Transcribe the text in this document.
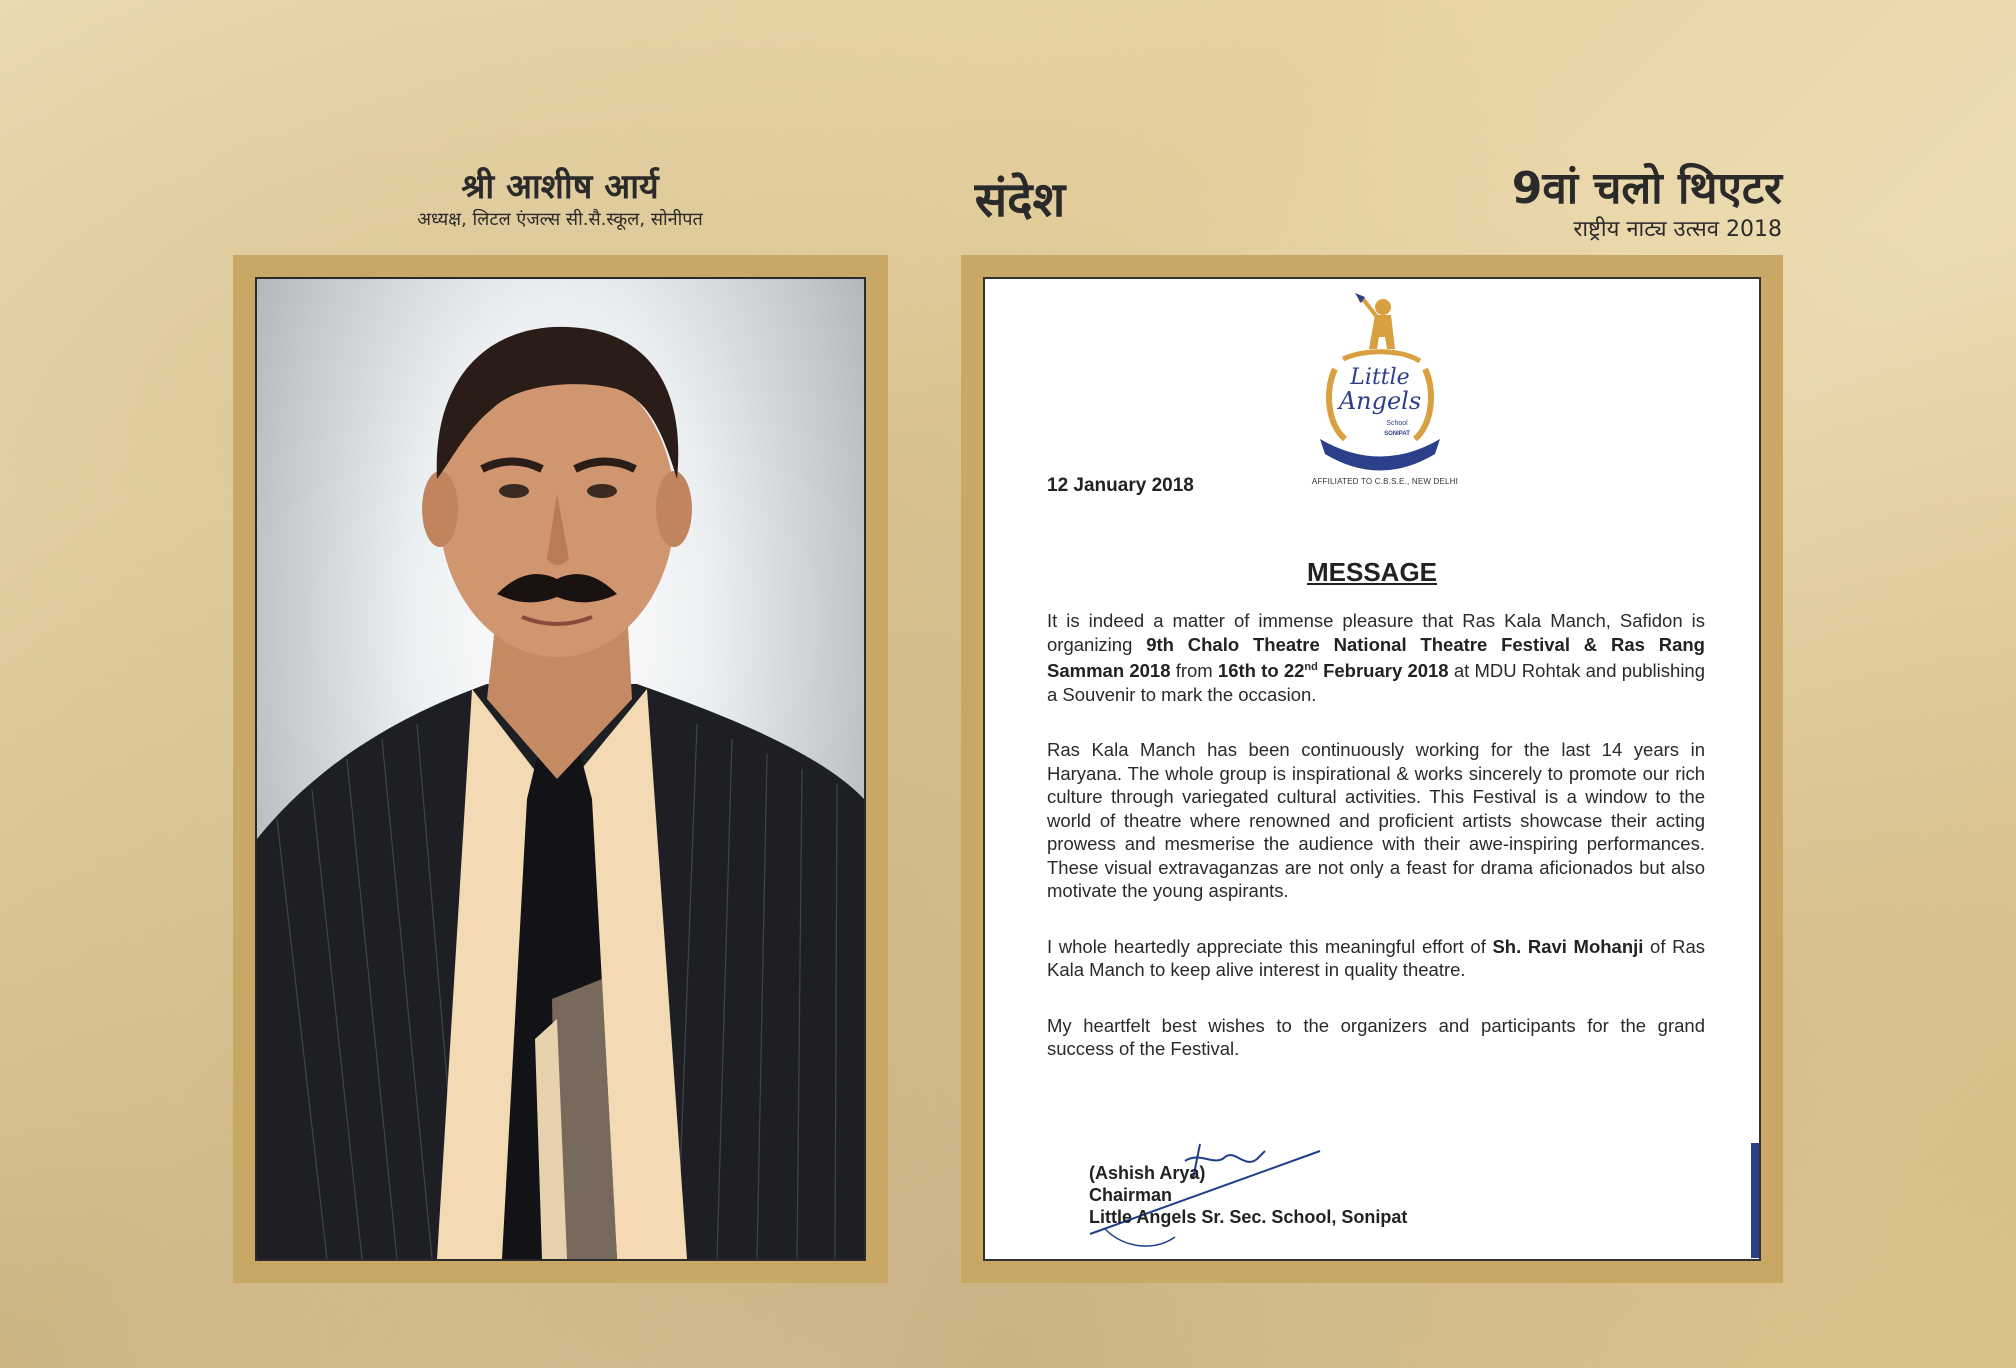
श्री आशीष आर्य
अध्यक्ष, लिटल एंजल्स सी.सै.स्कूल, सोनीपत	संदेश	9वां चलो थिएटर
राष्ट्रीय नाट्य उत्सव 2018
Little
Angels
School
SONIPAT
AFFILIATED TO C.B.S.E., NEW DELHI
12 January 2018
MESSAGE

It is indeed a matter of immense pleasure that Ras Kala Manch, Safidon is organizing 9th Chalo Theatre National Theatre Festival & Ras Rang Samman 2018 from 16th to 22nd February 2018 at MDU Rohtak and publishing a Souvenir to mark the occasion.

Ras Kala Manch has been continuously working for the last 14 years in Haryana. The whole group is inspirational & works sincerely to promote our rich culture through variegated cultural activities. This Festival is a window to the world of theatre where renowned and proficient artists showcase their acting prowess and mesmerise the audience with their awe-inspiring performances. These visual extravaganzas are not only a feast for drama aficionados but also motivate the young aspirants.

I whole heartedly appreciate this meaningful effort of Sh. Ravi Mohanji of Ras Kala Manch to keep alive interest in quality theatre.

My heartfelt best wishes to the organizers and participants for the grand success of the Festival.

(Ashish Arya)
Chairman
Little Angels Sr. Sec. School, Sonipat
